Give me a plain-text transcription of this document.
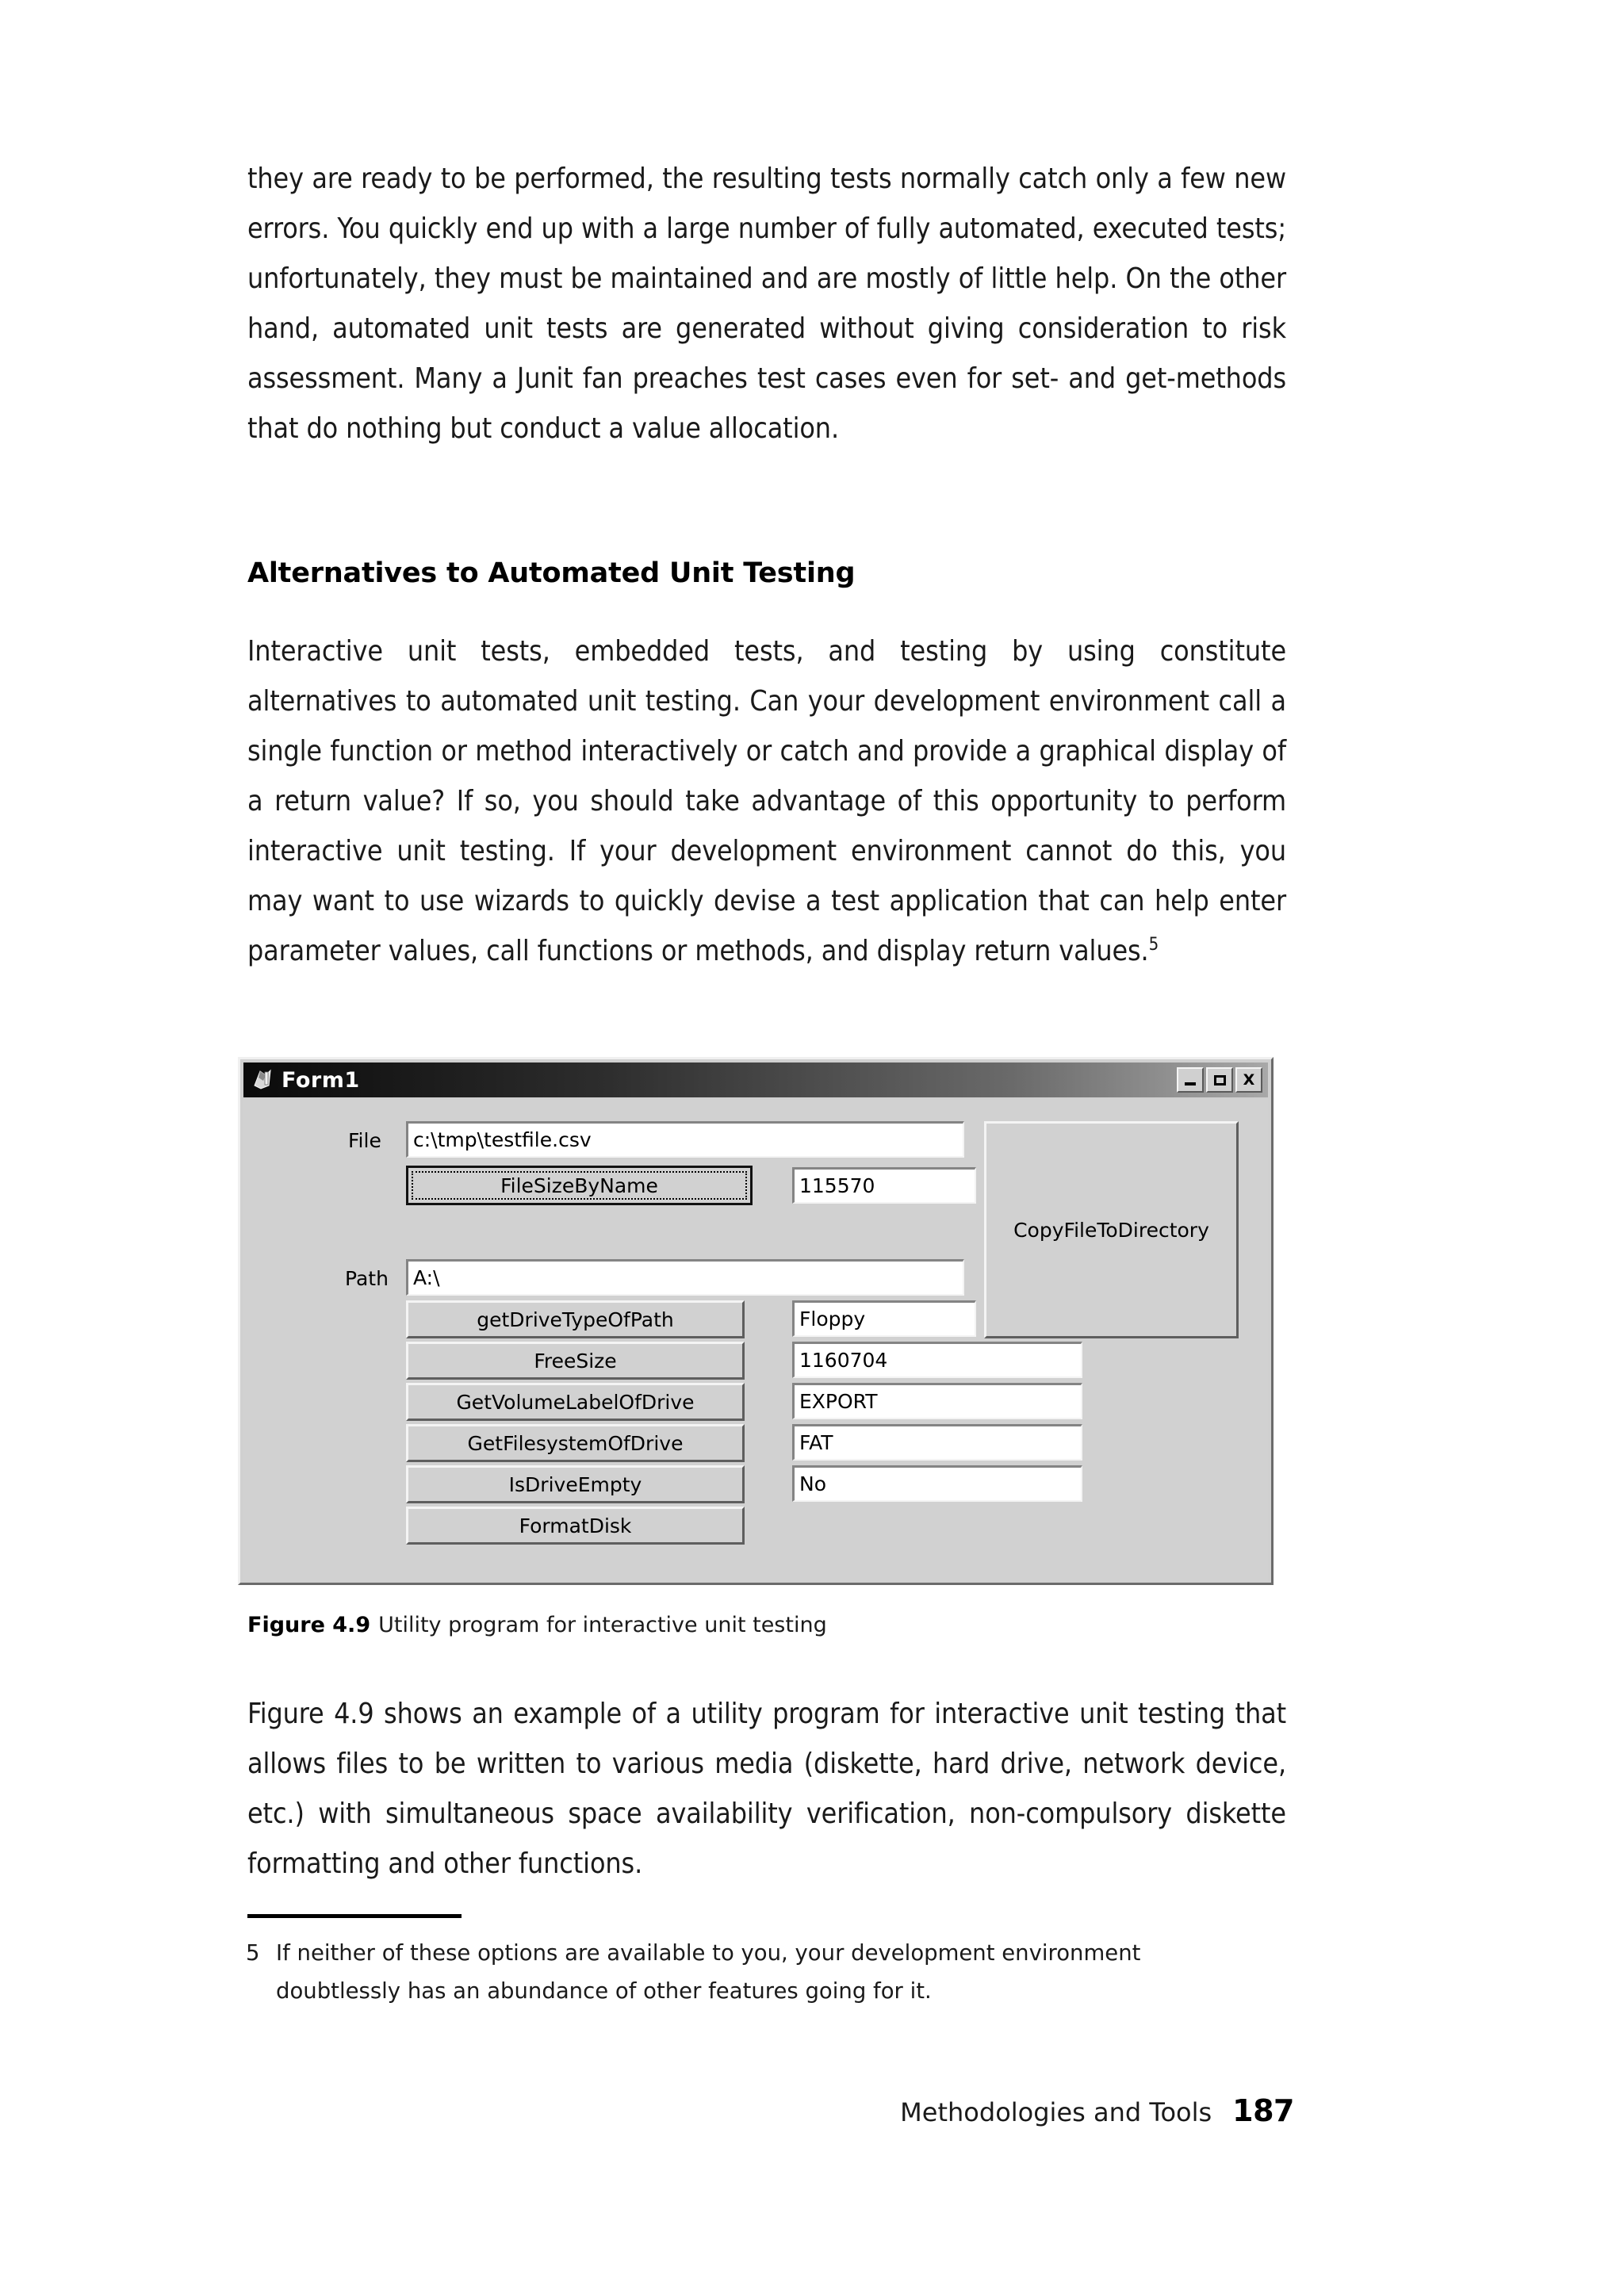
they are ready to be performed, the resulting tests normally catch only a few new errors. You quickly end up with a large number of fully automated, executed tests; unfortunately, they must be maintained and are mostly of little help. On the other hand, automated unit tests are generated without giving consideration to risk assessment. Many a Junit fan preaches test cases even for set- and get-methods that do nothing but conduct a value allocation.

Alternatives to Automated Unit Testing

Interactive unit tests, embedded tests, and testing by using constitute alternatives to automated unit testing. Can your development environment call a single function or method interactively or catch and provide a graphical display of a return value? If so, you should take advantage of this opportunity to perform interactive unit testing. If your development environment cannot do this, you may want to use wizards to quickly devise a test application that can help enter parameter values, call functions or methods, and display return values.$^5$

Form1	X
File	c:\tmp\testfile.csv
FileSizeByName	115570
Path	A:\
getDriveTypeOfPath	Floppy
FreeSize	1160704
GetVolumeLabelOfDrive	EXPORT
GetFilesystemOfDrive	FAT
IsDriveEmpty	No
FormatDisk
CopyFileToDirectory
Figure 4.9 Utility program for interactive unit testing

Figure 4.9 shows an example of a utility program for interactive unit testing that allows files to be written to various media (diskette, hard drive, network device, etc.) with simultaneous space availability verification, non-compulsory diskette formatting and other functions.

5 If neither of these options are available to you, your development environment
doubtlessly has an abundance of other features going for it.
Methodologies and Tools 187
